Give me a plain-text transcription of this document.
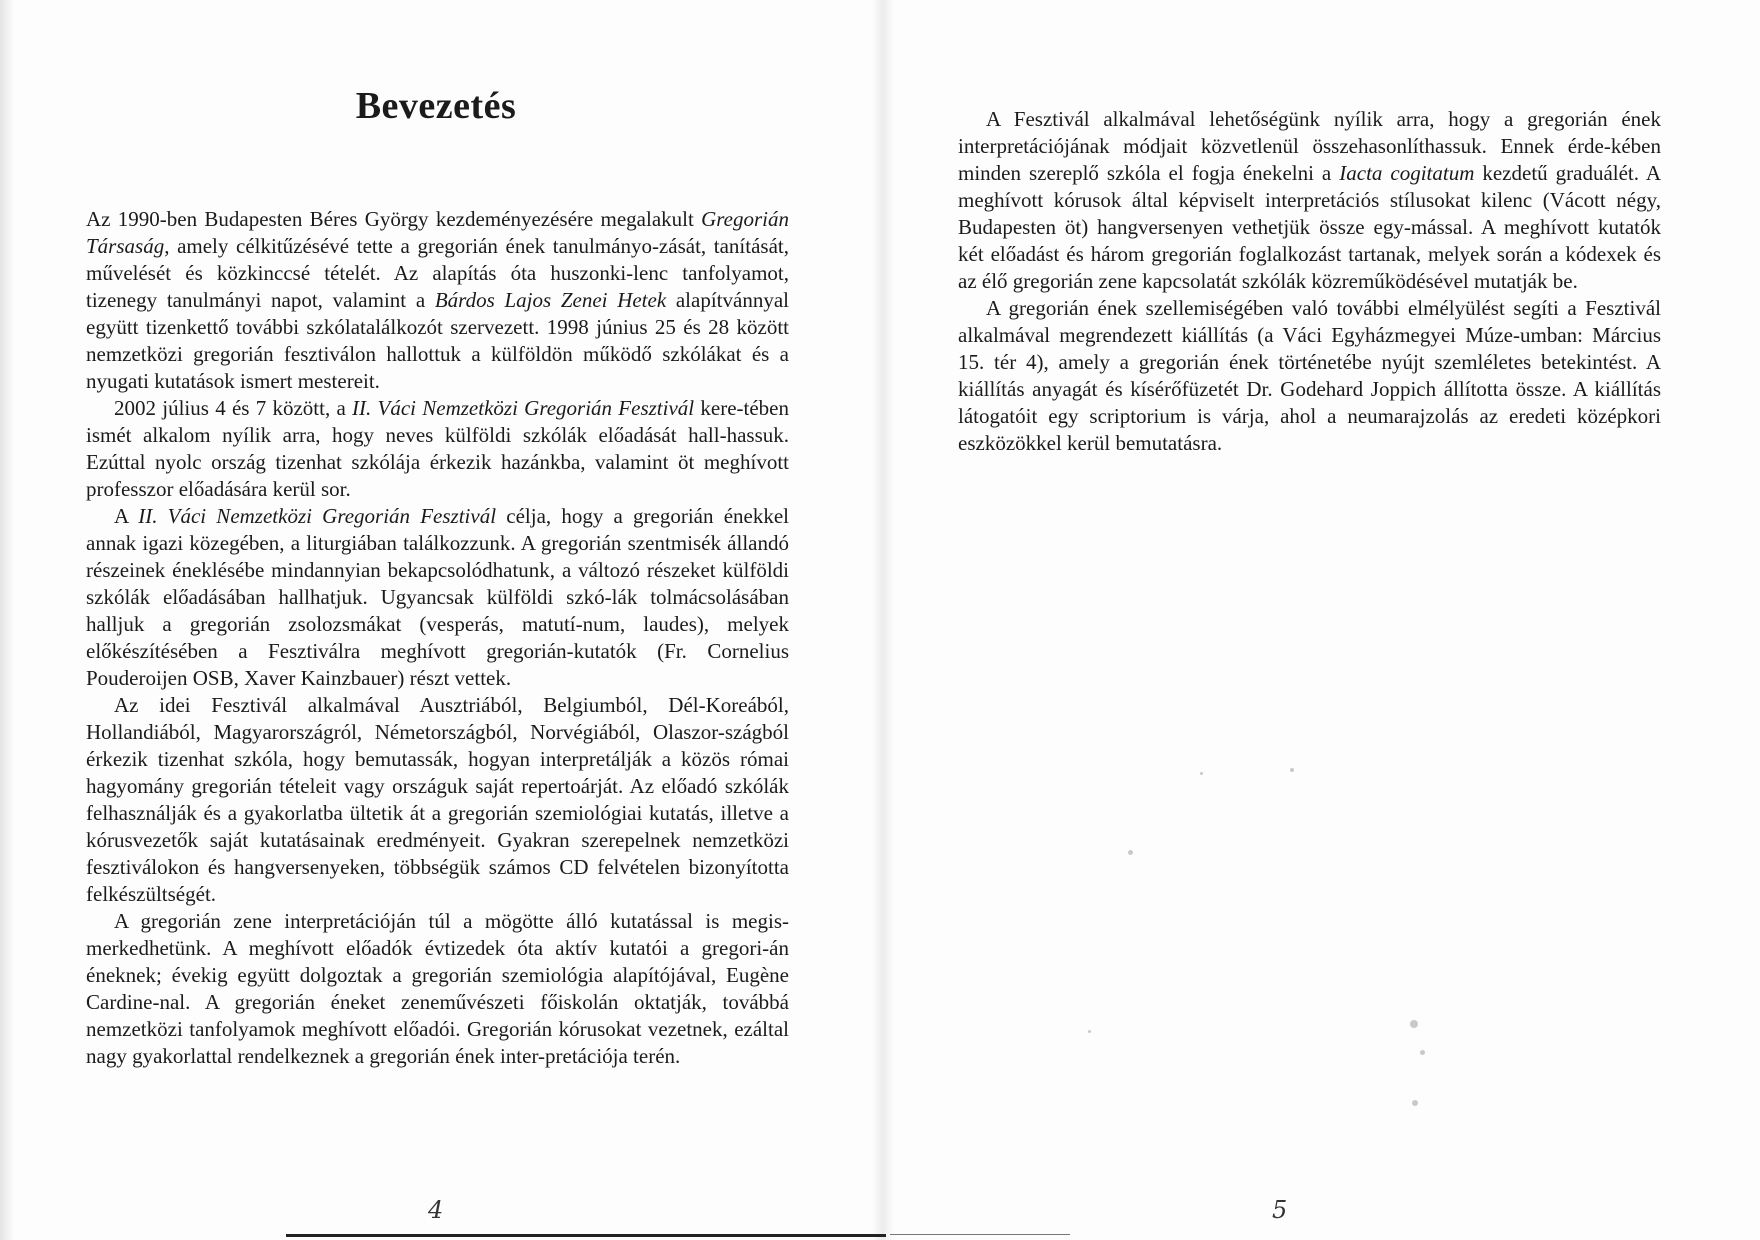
Bevezetés

Az 1990-ben Budapesten Béres György kezdeményezésére megalakult Gregorián Társaság, amely célkitűzésévé tette a gregorián ének tanulmányo-zását, tanítását, művelését és közkinccsé tételét. Az alapítás óta huszonki-lenc tanfolyamot, tizenegy tanulmányi napot, valamint a Bárdos Lajos Zenei Hetek alapítvánnyal együtt tizenkettő további szkólatalálkozót szervezett. 1998 június 25 és 28 között nemzetközi gregorián fesztiválon hallottuk a külföldön működő szkólákat és a nyugati kutatások ismert mestereit.

2002 július 4 és 7 között, a II. Váci Nemzetközi Gregorián Fesztivál kere-tében ismét alkalom nyílik arra, hogy neves külföldi szkólák előadását hall-hassuk. Ezúttal nyolc ország tizenhat szkólája érkezik hazánkba, valamint öt meghívott professzor előadására kerül sor.

A II. Váci Nemzetközi Gregorián Fesztivál célja, hogy a gregorián énekkel annak igazi közegében, a liturgiában találkozzunk. A gregorián szentmisék állandó részeinek éneklésébe mindannyian bekapcsolódhatunk, a változó részeket külföldi szkólák előadásában hallhatjuk. Ugyancsak külföldi szkó-lák tolmácsolásában halljuk a gregorián zsolozsmákat (vesperás, matutí-num, laudes), melyek előkészítésében a Fesztiválra meghívott gregorián-kutatók (Fr. Cornelius Pouderoijen OSB, Xaver Kainzbauer) részt vettek.

Az idei Fesztivál alkalmával Ausztriából, Belgiumból, Dél-Koreából, Hollandiából, Magyarországról, Németországból, Norvégiából, Olaszor-szágból érkezik tizenhat szkóla, hogy bemutassák, hogyan interpretálják a közös római hagyomány gregorián tételeit vagy országuk saját repertoárját. Az előadó szkólák felhasználják és a gyakorlatba ültetik át a gregorián szemiológiai kutatás, illetve a kórusvezetők saját kutatásainak eredményeit. Gyakran szerepelnek nemzetközi fesztiválokon és hangversenyeken, többségük számos CD felvételen bizonyította felkészültségét.

A gregorián zene interpretációján túl a mögötte álló kutatással is megis-merkedhetünk. A meghívott előadók évtizedek óta aktív kutatói a gregori-án éneknek; évekig együtt dolgoztak a gregorián szemiológia alapítójával, Eugène Cardine-nal. A gregorián éneket zeneművészeti főiskolán oktatják, továbbá nemzetközi tanfolyamok meghívott előadói. Gregorián kórusokat vezetnek, ezáltal nagy gyakorlattal rendelkeznek a gregorián ének inter-pretációja terén.

4

A Fesztivál alkalmával lehetőségünk nyílik arra, hogy a gregorián ének interpretációjának módjait közvetlenül összehasonlíthassuk. Ennek érde-kében minden szereplő szkóla el fogja énekelni a Iacta cogitatum kezdetű graduálét. A meghívott kórusok által képviselt interpretációs stílusokat kilenc (Vácott négy, Budapesten öt) hangversenyen vethetjük össze egy-mással. A meghívott kutatók két előadást és három gregorián foglalkozást tartanak, melyek során a kódexek és az élő gregorián zene kapcsolatát szkólák közreműködésével mutatják be.

A gregorián ének szellemiségében való további elmélyülést segíti a Fesztivál alkalmával megrendezett kiállítás (a Váci Egyházmegyei Múze-umban: Március 15. tér 4), amely a gregorián ének történetébe nyújt szemléletes betekintést. A kiállítás anyagát és kísérőfüzetét Dr. Godehard Joppich állította össze. A kiállítás látogatóit egy scriptorium is várja, ahol a neumarajzolás az eredeti középkori eszközökkel kerül bemutatásra.

5
